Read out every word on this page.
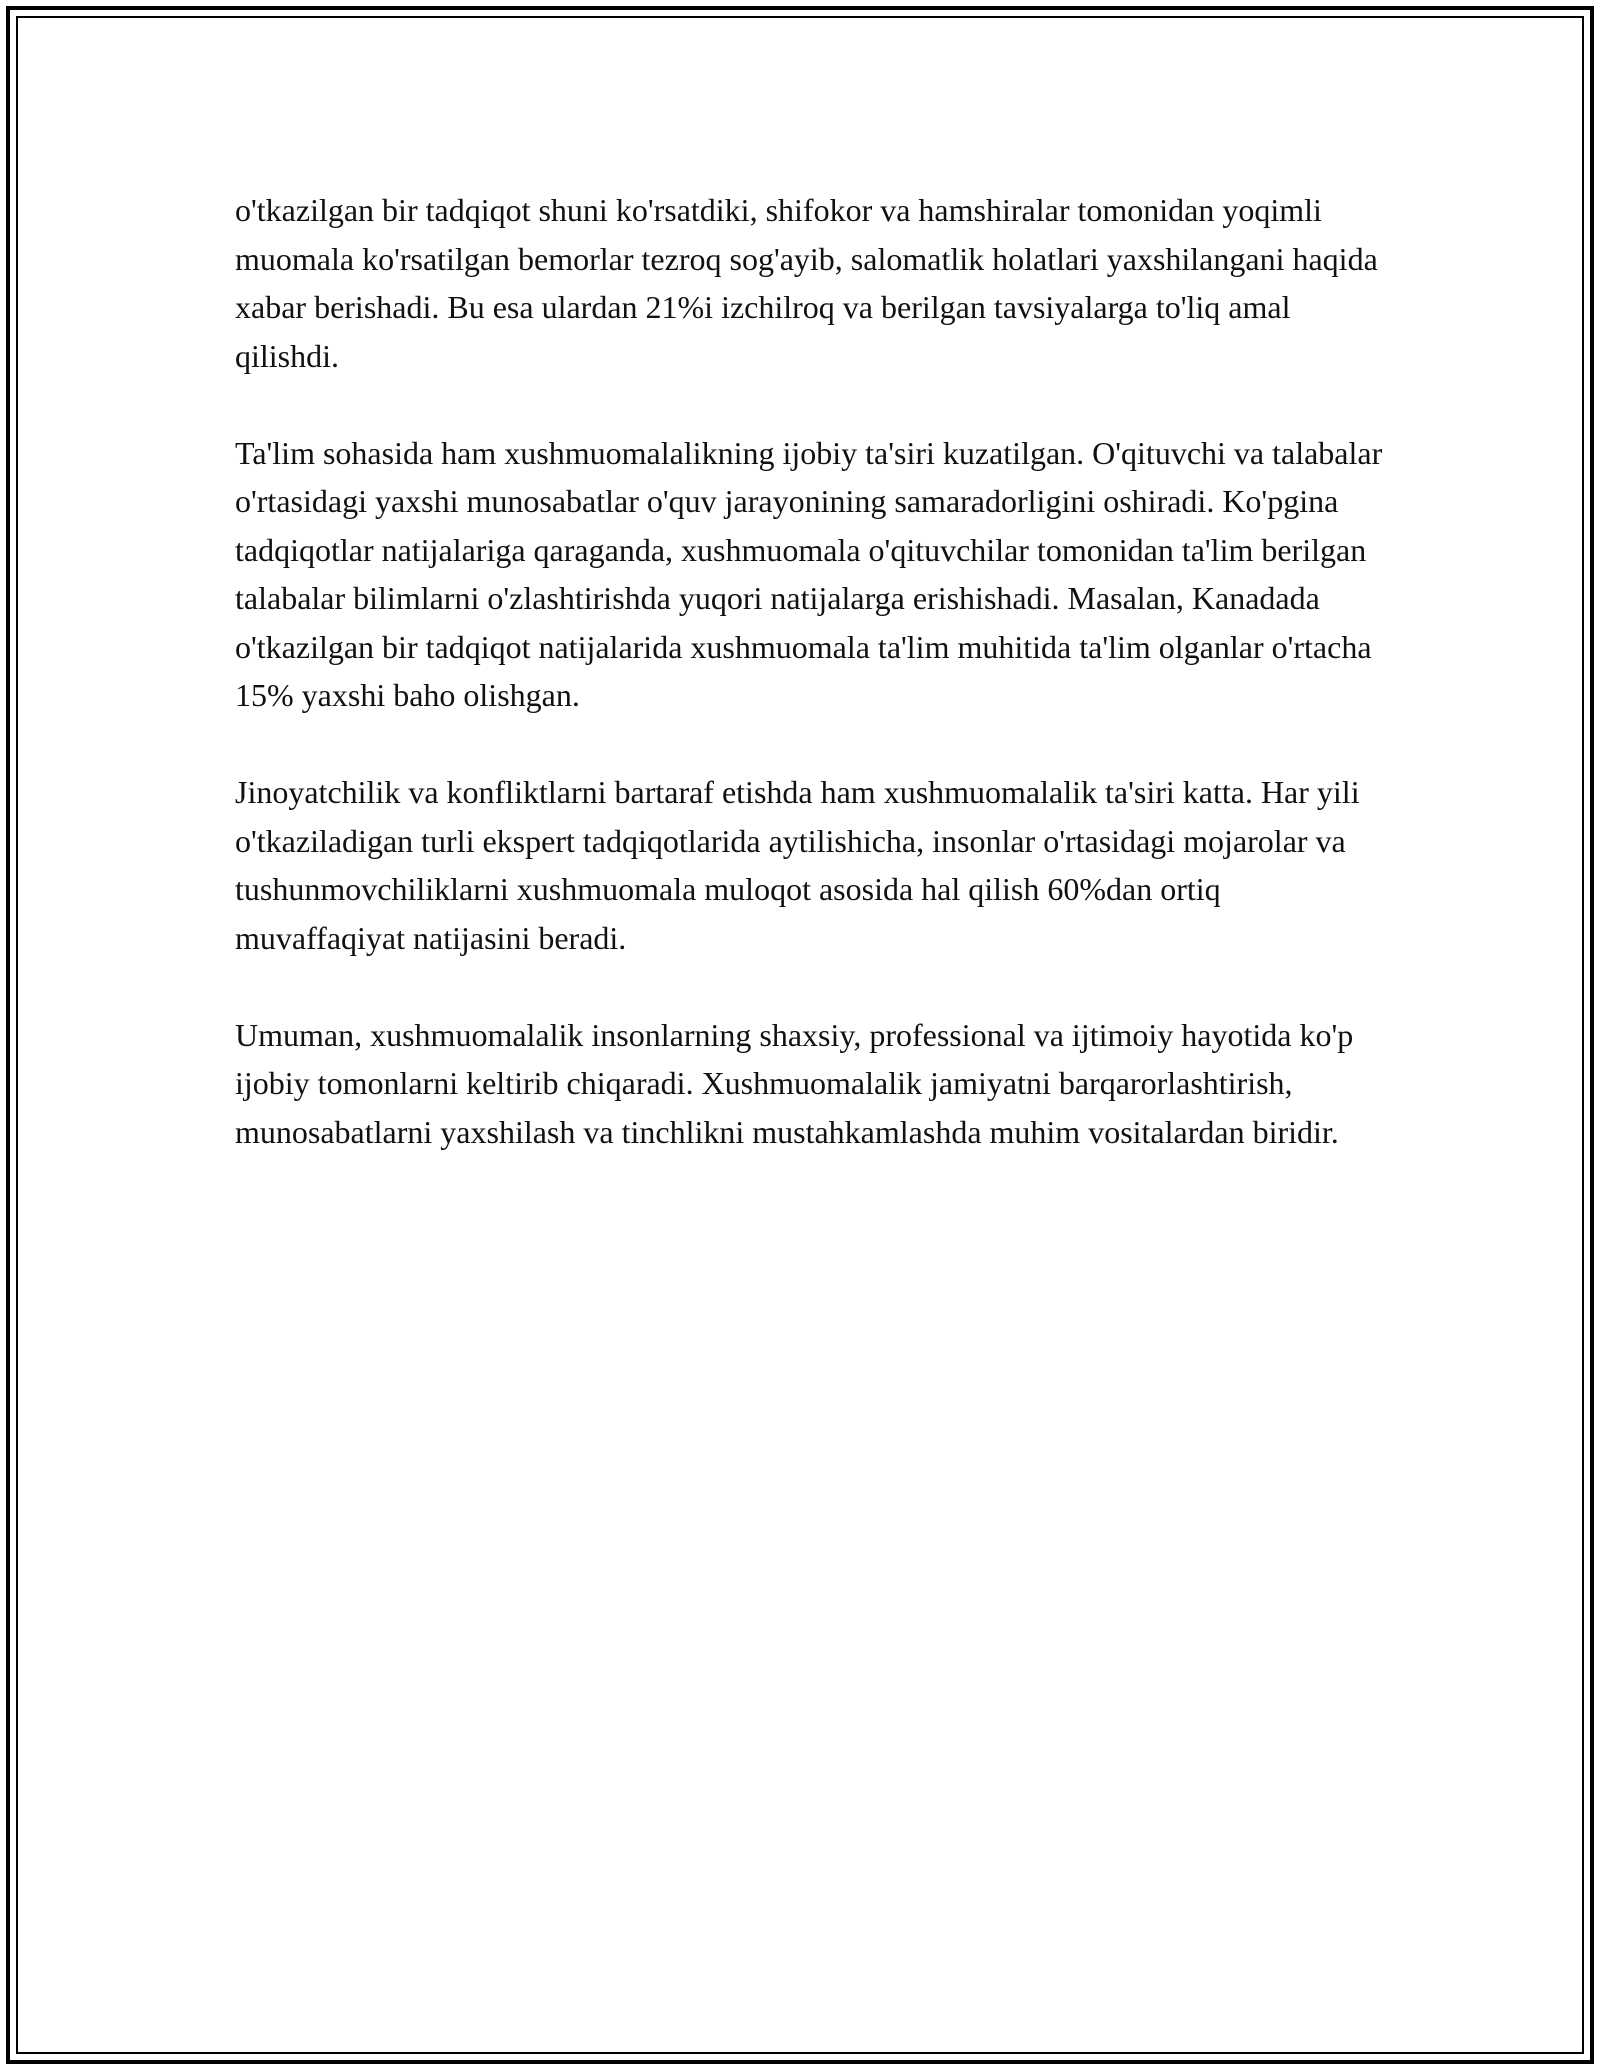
o'tkazilgan bir tadqiqot shuni ko'rsatdiki, shifokor va hamshiralar tomonidan yoqimli muomala ko'rsatilgan bemorlar tezroq sog'ayib, salomatlik holatlari yaxshilangani haqida xabar berishadi. Bu esa ulardan 21%i izchilroq va berilgan tavsiyalarga to'liq amal qilishdi.

Ta'lim sohasida ham xushmuomalalikning ijobiy ta'siri kuzatilgan. O'qituvchi va talabalar o'rtasidagi yaxshi munosabatlar o'quv jarayonining samaradorligini oshiradi. Ko'pgina tadqiqotlar natijalariga qaraganda, xushmuomala o'qituvchilar tomonidan ta'lim berilgan talabalar bilimlarni o'zlashtirishda yuqori natijalarga erishishadi. Masalan, Kanadada o'tkazilgan bir tadqiqot natijalarida xushmuomala ta'lim muhitida ta'lim olganlar o'rtacha 15% yaxshi baho olishgan.

Jinoyatchilik va konfliktlarni bartaraf etishda ham xushmuomalalik ta'siri katta. Har yili o'tkaziladigan turli ekspert tadqiqotlarida aytilishicha, insonlar o'rtasidagi mojarolar va tushunmovchiliklarni xushmuomala muloqot asosida hal qilish 60%dan ortiq muvaffaqiyat natijasini beradi.

Umuman, xushmuomalalik insonlarning shaxsiy, professional va ijtimoiy hayotida ko'p ijobiy tomonlarni keltirib chiqaradi. Xushmuomalalik jamiyatni barqarorlashtirish, munosabatlarni yaxshilash va tinchlikni mustahkamlashda muhim vositalardan biridir.
